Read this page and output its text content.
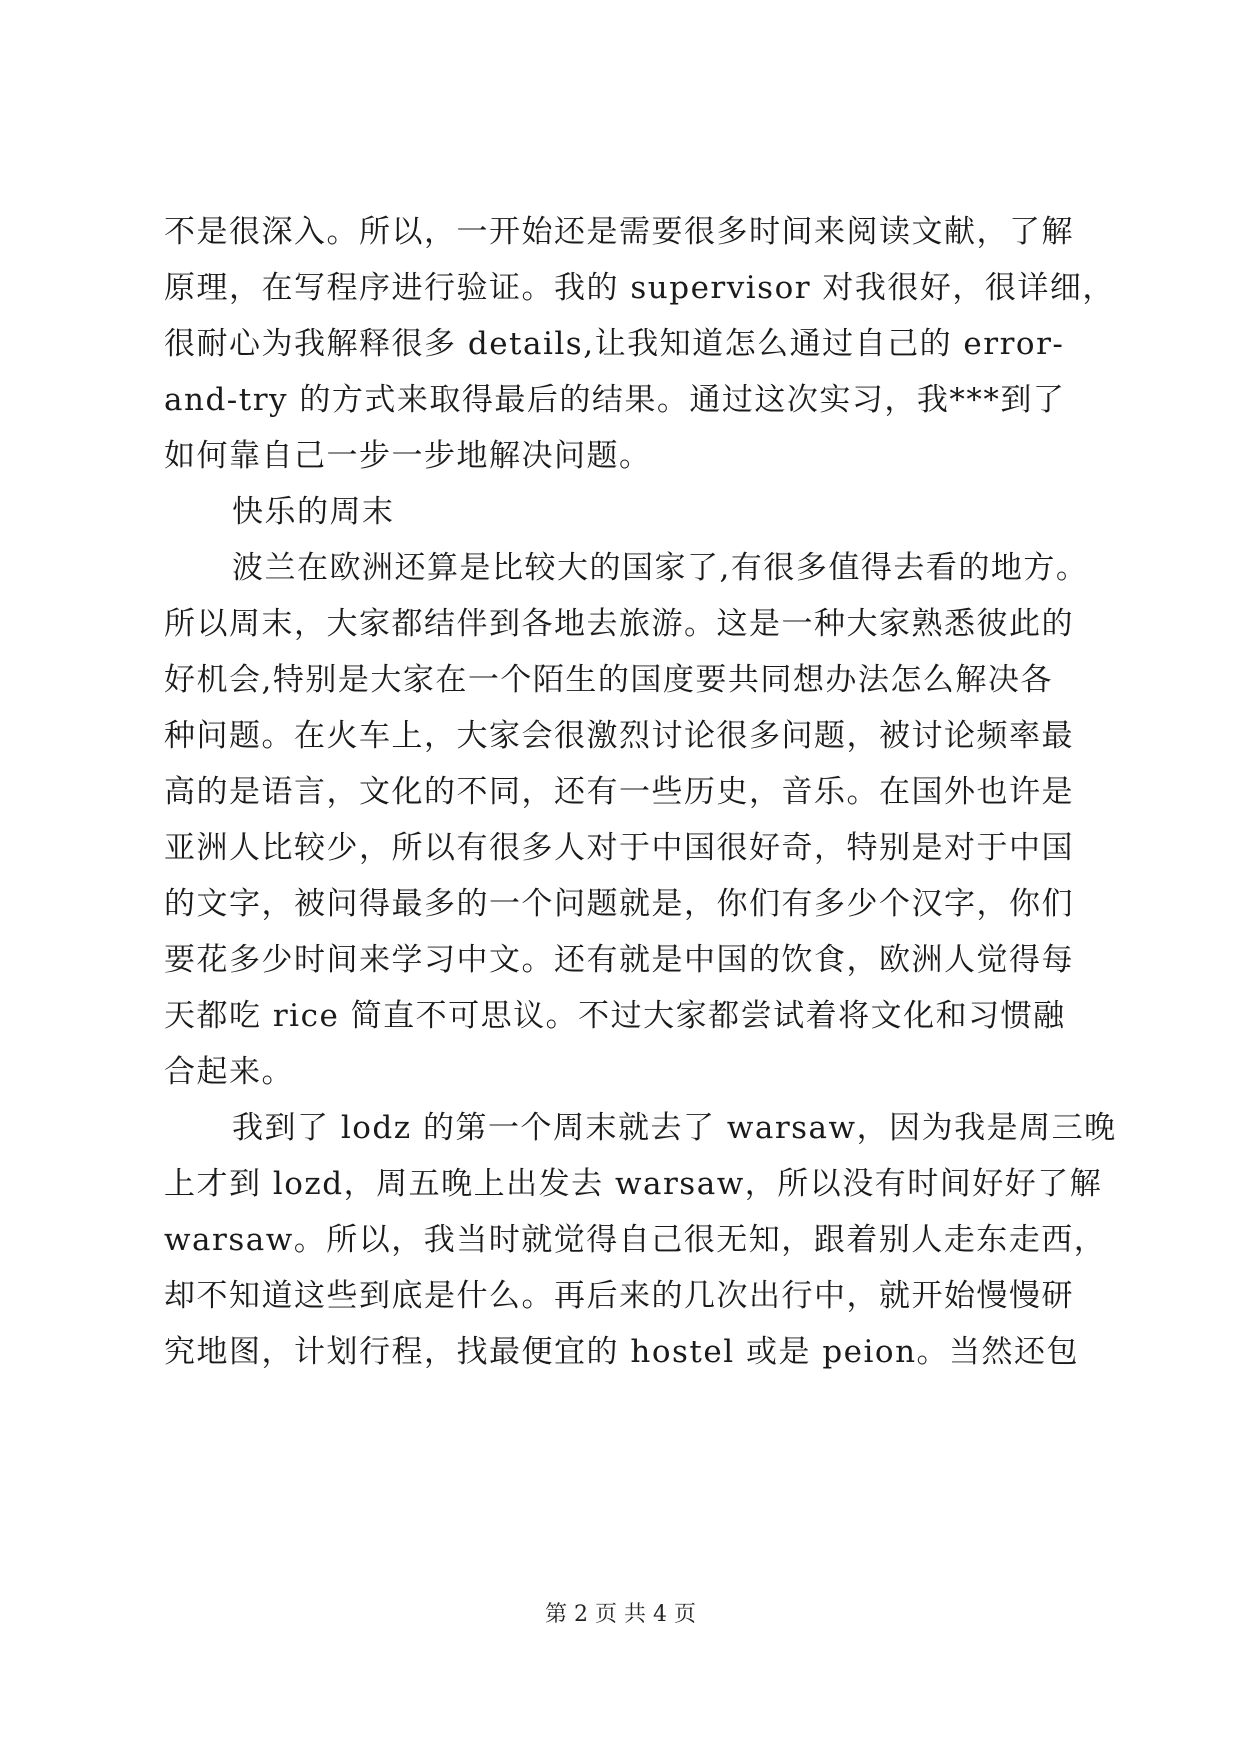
不是很深入。所以，一开始还是需要很多时间来阅读文献，了解
原理，在写程序进行验证。我的 supervisor 对我很好，很详细，
很耐心为我解释很多 details,让我知道怎么通过自己的 error-
and-try 的方式来取得最后的结果。通过这次实习，我***到了
如何靠自己一步一步地解决问题。
快乐的周末
波兰在欧洲还算是比较大的国家了,有很多值得去看的地方。
所以周末，大家都结伴到各地去旅游。这是一种大家熟悉彼此的
好机会,特别是大家在一个陌生的国度要共同想办法怎么解决各
种问题。在火车上，大家会很激烈讨论很多问题，被讨论频率最
高的是语言，文化的不同，还有一些历史，音乐。在国外也许是
亚洲人比较少，所以有很多人对于中国很好奇，特别是对于中国
的文字，被问得最多的一个问题就是，你们有多少个汉字，你们
要花多少时间来学习中文。还有就是中国的饮食，欧洲人觉得每
天都吃 rice 简直不可思议。不过大家都尝试着将文化和习惯融
合起来。
我到了 lodz 的第一个周末就去了 warsaw，因为我是周三晚
上才到 lozd，周五晚上出发去 warsaw，所以没有时间好好了解
warsaw。所以，我当时就觉得自己很无知，跟着别人走东走西，
却不知道这些到底是什么。再后来的几次出行中，就开始慢慢研
究地图，计划行程，找最便宜的 hostel 或是 peion。当然还包
第 2 页 共 4 页
